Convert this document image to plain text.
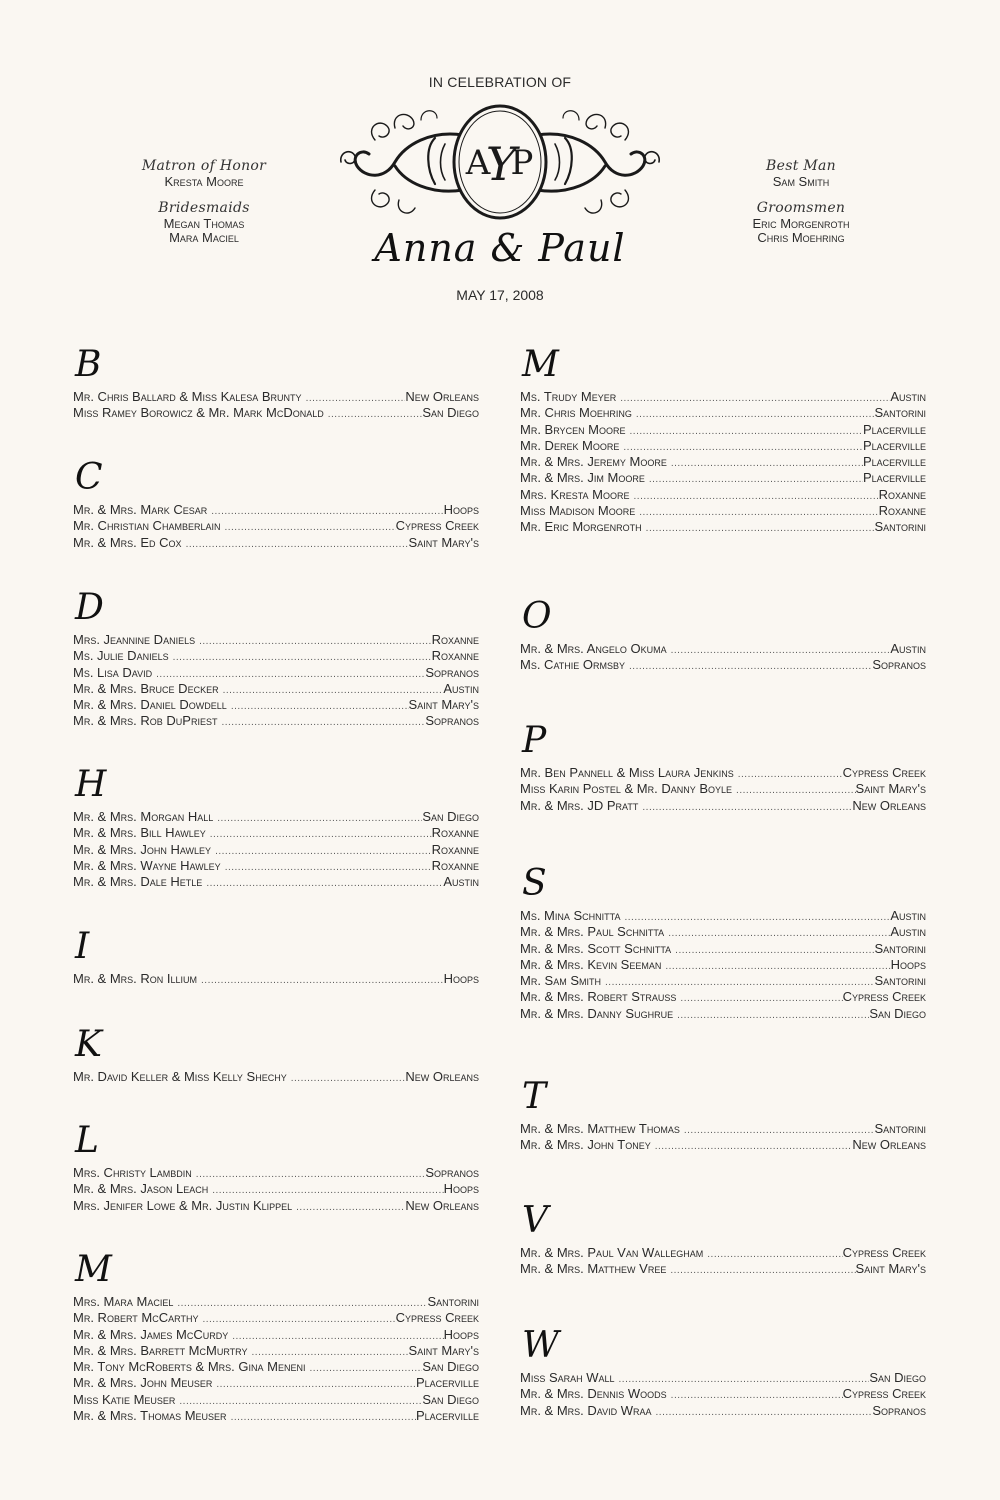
IN CELEBRATION OF
Matron of Honor
Kresta Moore
Bridesmaids
Megan Thomas
Mara Maciel
Best Man
Sam Smith
Groomsmen
Eric Morgenroth
Chris Moehring
A P
Y
Anna & Paul
MAY 17, 2008
B
Mr. Chris Ballard & Miss Kalesa Brunty .....	New Orleans
Miss Ramey Borowicz & Mr. Mark McDonald .....	San Diego
C
Mr. & Mrs. Mark Cesar .....	Hoops
Mr. Christian Chamberlain .....	Cypress Creek
Mr. & Mrs. Ed Cox .....	Saint Mary's
D
Mrs. Jeannine Daniels .....	Roxanne
Ms. Julie Daniels .....	Roxanne
Ms. Lisa David .....	Sopranos
Mr. & Mrs. Bruce Decker .....	Austin
Mr. & Mrs. Daniel Dowdell .....	Saint Mary's
Mr. & Mrs. Rob DuPriest .....	Sopranos
H
Mr. & Mrs. Morgan Hall .....	San Diego
Mr. & Mrs. Bill Hawley .....	Roxanne
Mr. & Mrs. John Hawley .....	Roxanne
Mr. & Mrs. Wayne Hawley .....	Roxanne
Mr. & Mrs. Dale Hetle .....	Austin
I
Mr. & Mrs. Ron Illium .....	Hoops
K
Mr. David Keller & Miss Kelly Shechy .....	New Orleans
L
Mrs. Christy Lambdin .....	Sopranos
Mr. & Mrs. Jason Leach .....	Hoops
Mrs. Jenifer Lowe & Mr. Justin Klippel .....	New Orleans
M
Mrs. Mara Maciel .....	Santorini
Mr. Robert McCarthy .....	Cypress Creek
Mr. & Mrs. James McCurdy .....	Hoops
Mr. & Mrs. Barrett McMurtry .....	Saint Mary's
Mr. Tony McRoberts & Mrs. Gina Meneni .....	San Diego
Mr. & Mrs. John Meuser .....	Placerville
Miss Katie Meuser .....	San Diego
Mr. & Mrs. Thomas Meuser .....	Placerville
M
Ms. Trudy Meyer .....	Austin
Mr. Chris Moehring .....	Santorini
Mr. Brycen Moore .....	Placerville
Mr. Derek Moore .....	Placerville
Mr. & Mrs. Jeremy Moore .....	Placerville
Mr. & Mrs. Jim Moore .....	Placerville
Mrs. Kresta Moore .....	Roxanne
Miss Madison Moore .....	Roxanne
Mr. Eric Morgenroth .....	Santorini
O
Mr. & Mrs. Angelo Okuma .....	Austin
Ms. Cathie Ormsby .....	Sopranos
P
Mr. Ben Pannell & Miss Laura Jenkins .....	Cypress Creek
Miss Karin Postel & Mr. Danny Boyle .....	Saint Mary's
Mr. & Mrs. JD Pratt .....	New Orleans
S
Ms. Mina Schnitta .....	Austin
Mr. & Mrs. Paul Schnitta .....	Austin
Mr. & Mrs. Scott Schnitta .....	Santorini
Mr. & Mrs. Kevin Seeman .....	Hoops
Mr. Sam Smith .....	Santorini
Mr. & Mrs. Robert Strauss .....	Cypress Creek
Mr. & Mrs. Danny Sughrue .....	San Diego
T
Mr. & Mrs. Matthew Thomas .....	Santorini
Mr. & Mrs. John Toney .....	New Orleans
V
Mr. & Mrs. Paul Van Wallegham .....	Cypress Creek
Mr. & Mrs. Matthew Vree .....	Saint Mary's
W
Miss Sarah Wall .....	San Diego
Mr. & Mrs. Dennis Woods .....	Cypress Creek
Mr. & Mrs. David Wraa .....	Sopranos
